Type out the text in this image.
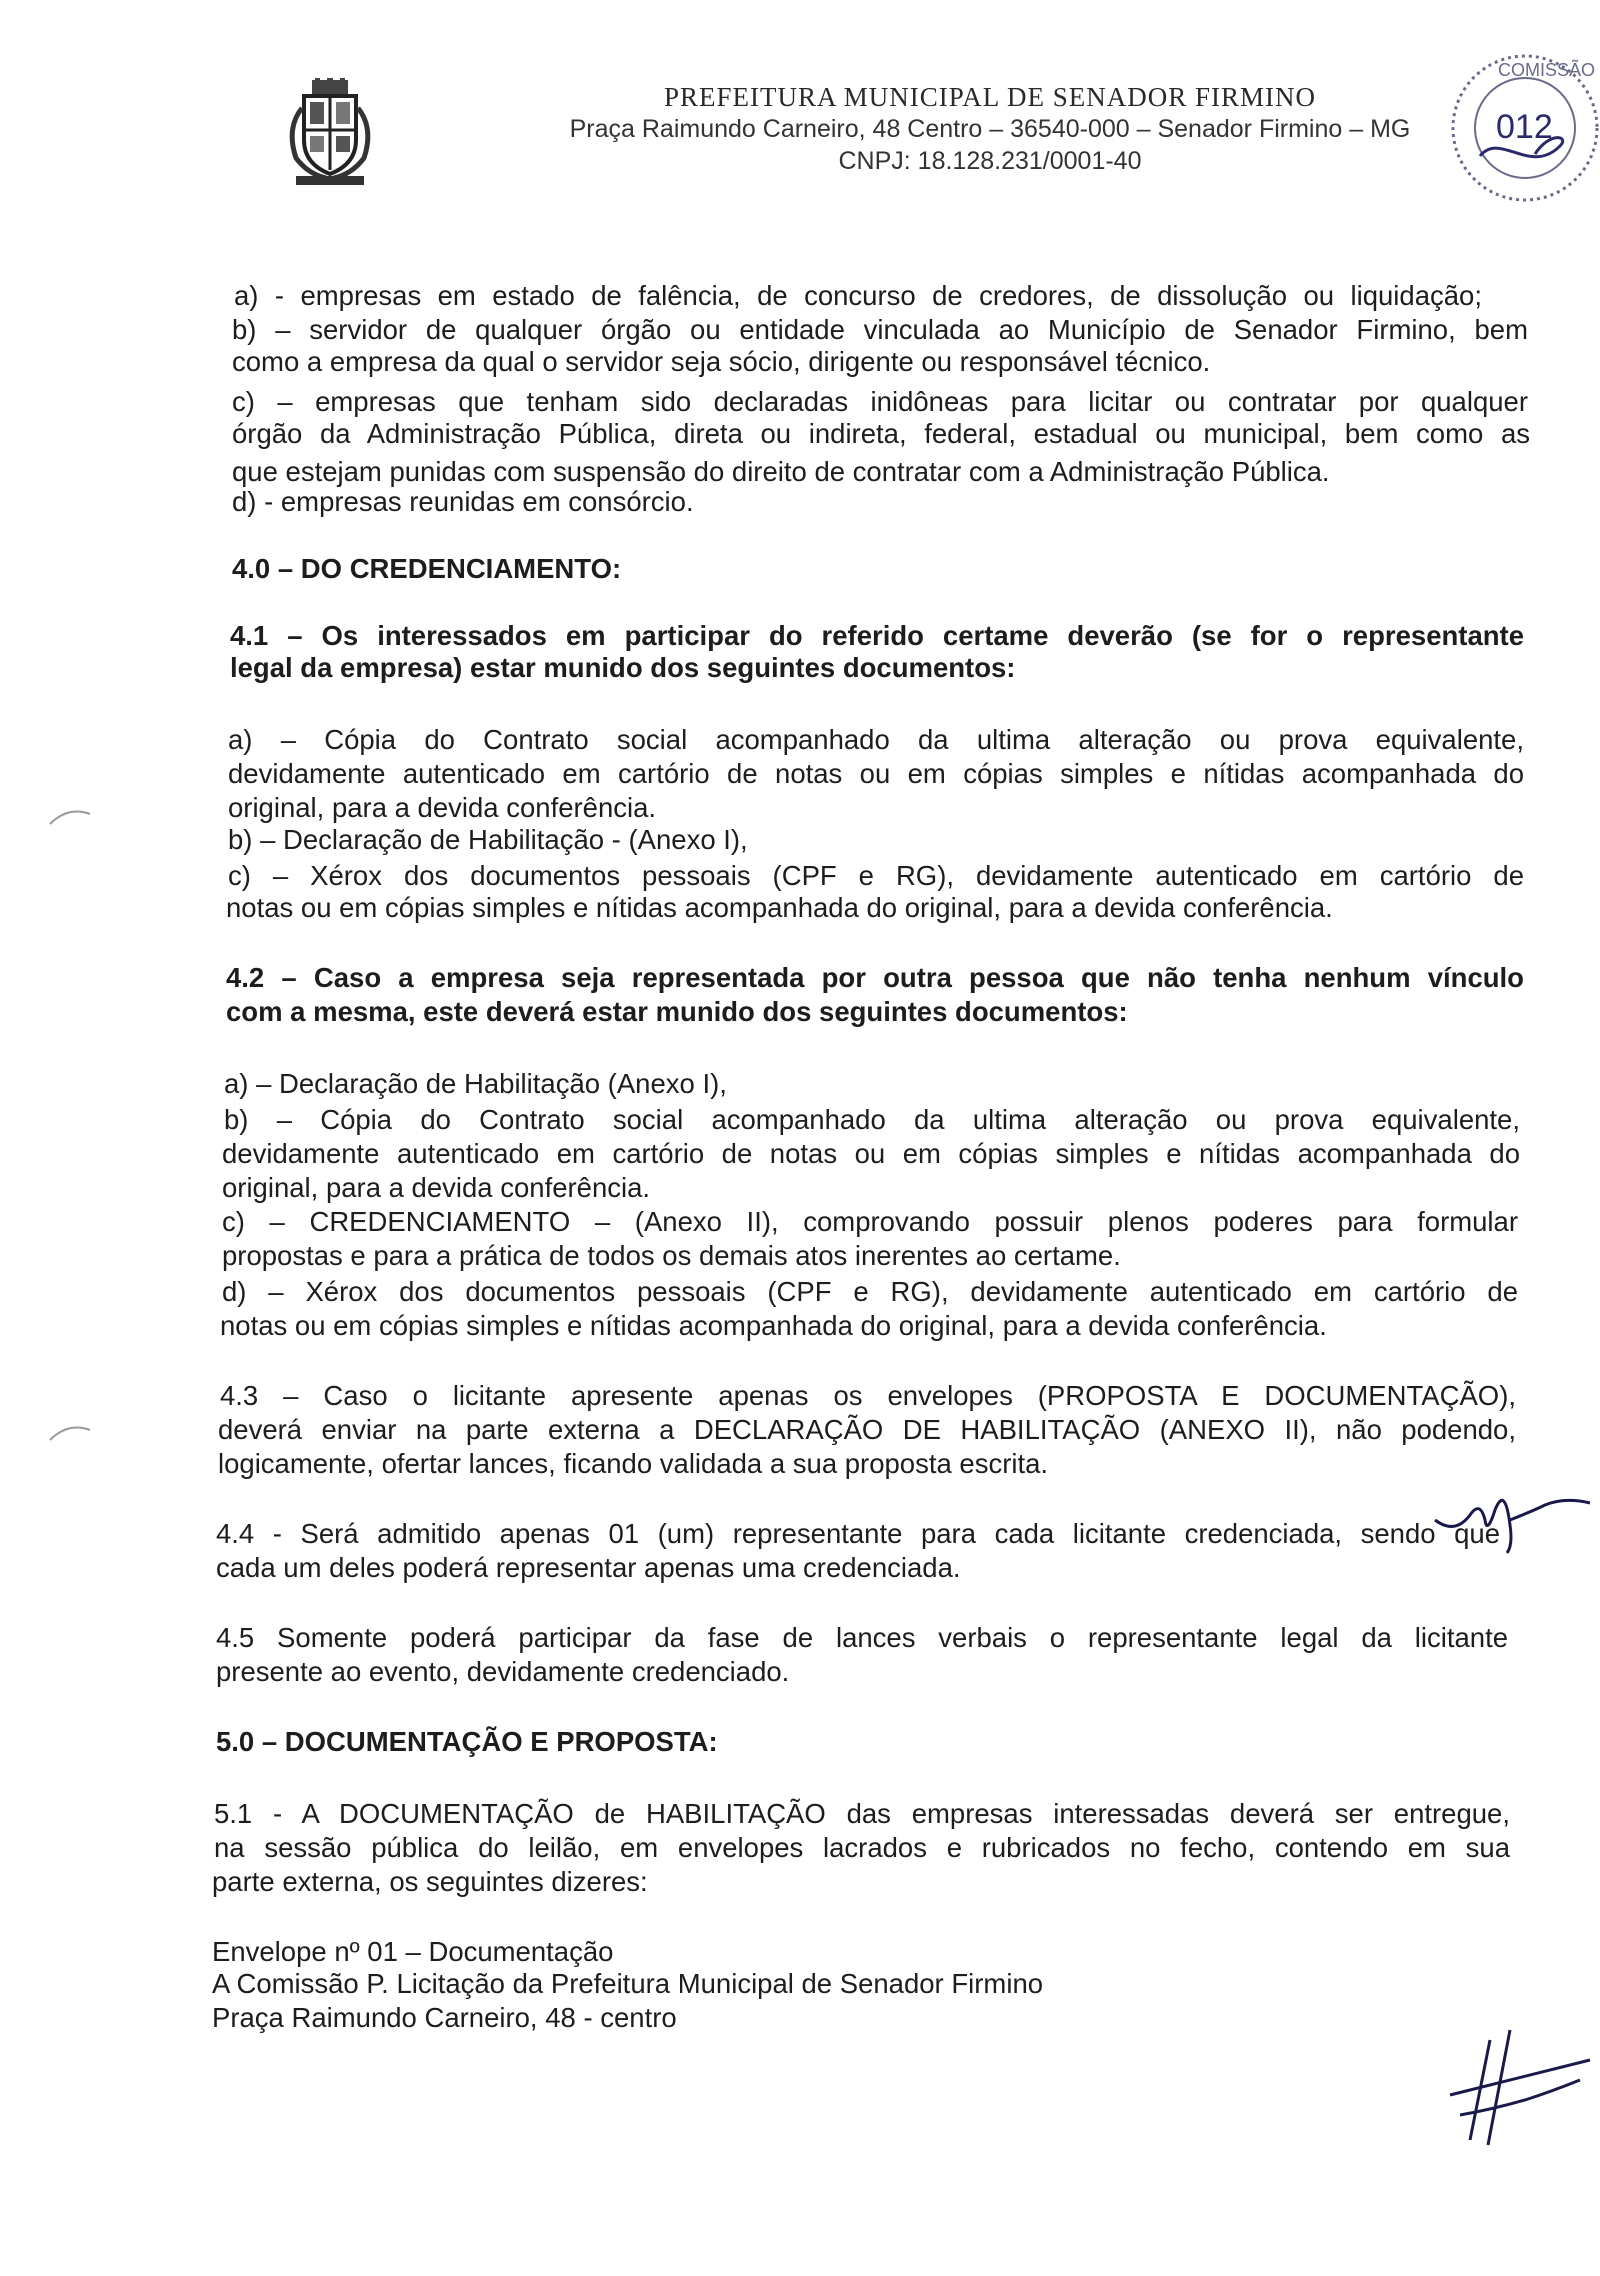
PREFEITURA MUNICIPAL DE SENADOR FIRMINO
Praça Raimundo Carneiro, 48 Centro – 36540-000 – Senador Firmino – MG
CNPJ: 18.128.231/0001-40
COMISSÃO
012
a) - empresas em estado de falência, de concurso de credores, de dissolução ou liquidação;
b) – servidor de qualquer órgão ou entidade vinculada ao Município de Senador Firmino, bem
como a empresa da qual o servidor seja sócio, dirigente ou responsável técnico.
c) – empresas que tenham sido declaradas inidôneas para licitar ou contratar por qualquer
órgão da Administração Pública, direta ou indireta, federal, estadual ou municipal, bem como as
que estejam punidas com suspensão do direito de contratar com a Administração Pública.
d) - empresas reunidas em consórcio.
4.0 – DO CREDENCIAMENTO:
4.1 – Os interessados em participar do referido certame deverão (se for o representante
legal da empresa) estar munido dos seguintes documentos:
a) – Cópia do Contrato social acompanhado da ultima alteração ou prova equivalente,
devidamente autenticado em cartório de notas ou em cópias simples e nítidas acompanhada do
original, para a devida conferência.
b) – Declaração de Habilitação - (Anexo I),
c) – Xérox dos documentos pessoais (CPF e RG), devidamente autenticado em cartório de
notas ou em cópias simples e nítidas acompanhada do original, para a devida conferência.
4.2 – Caso a empresa seja representada por outra pessoa que não tenha nenhum vínculo
com a mesma, este deverá estar munido dos seguintes documentos:
a) – Declaração de Habilitação (Anexo I),
b) – Cópia do Contrato social acompanhado da ultima alteração ou prova equivalente,
devidamente autenticado em cartório de notas ou em cópias simples e nítidas acompanhada do
original, para a devida conferência.
c) – CREDENCIAMENTO – (Anexo II), comprovando possuir plenos poderes para formular
propostas e para a prática de todos os demais atos inerentes ao certame.
d) – Xérox dos documentos pessoais (CPF e RG), devidamente autenticado em cartório de
notas ou em cópias simples e nítidas acompanhada do original, para a devida conferência.
4.3 – Caso o licitante apresente apenas os envelopes (PROPOSTA E DOCUMENTAÇÃO),
deverá enviar na parte externa a DECLARAÇÃO DE HABILITAÇÃO (ANEXO II), não podendo,
logicamente, ofertar lances, ficando validada a sua proposta escrita.
4.4 - Será admitido apenas 01 (um) representante para cada licitante credenciada, sendo que
cada um deles poderá representar apenas uma credenciada.
4.5 Somente poderá participar da fase de lances verbais o representante legal da licitante
presente ao evento, devidamente credenciado.
5.0 – DOCUMENTAÇÃO E PROPOSTA:
5.1 - A DOCUMENTAÇÃO de HABILITAÇÃO das empresas interessadas deverá ser entregue,
na sessão pública do leilão, em envelopes lacrados e rubricados no fecho, contendo em sua
parte externa, os seguintes dizeres:
Envelope nº 01 – Documentação
A Comissão P. Licitação da Prefeitura Municipal de Senador Firmino
Praça Raimundo Carneiro, 48 - centro
